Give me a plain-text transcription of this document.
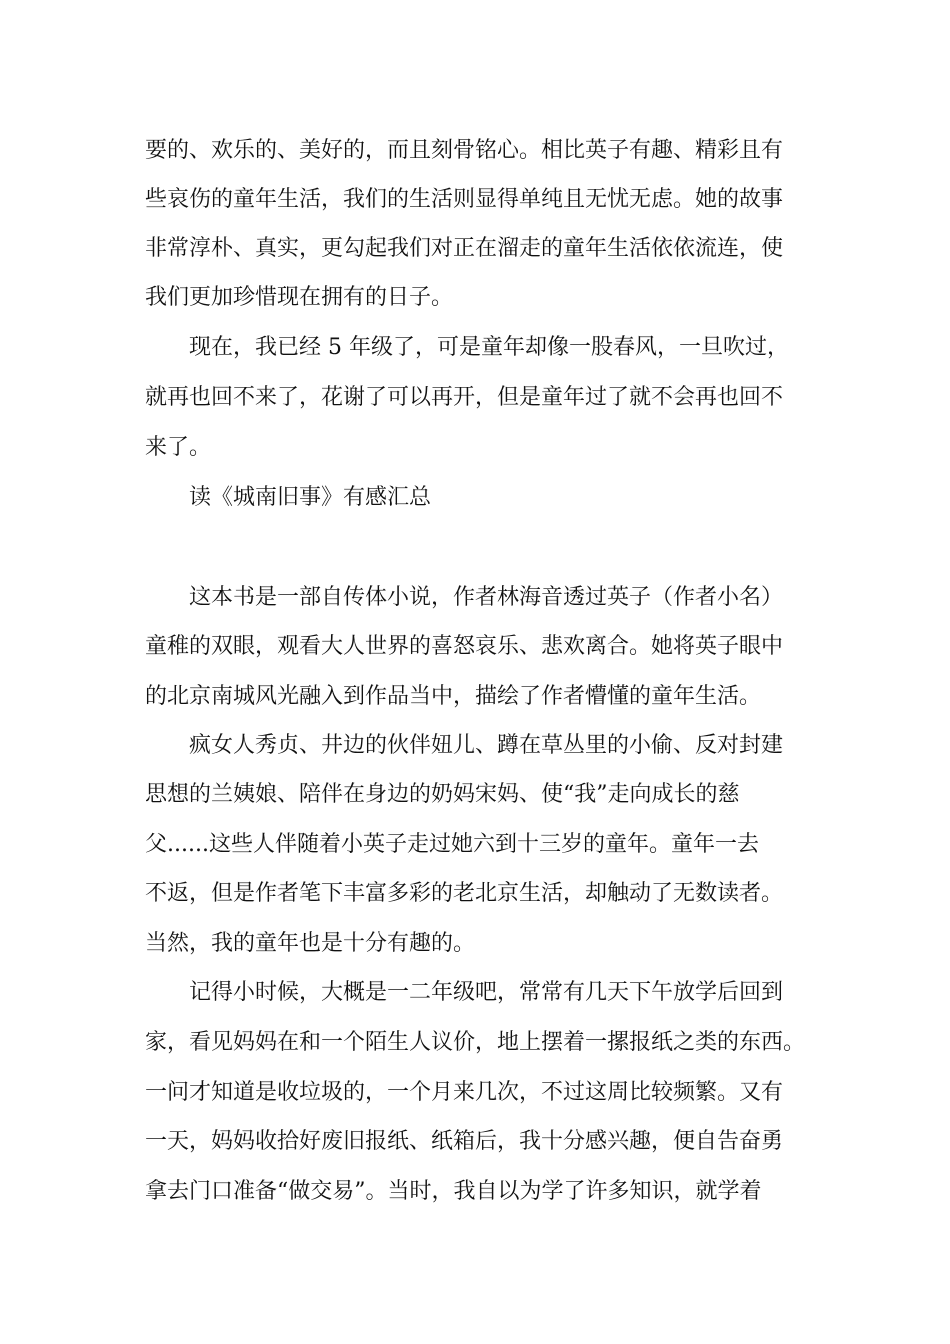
要的、欢乐的、美好的，而且刻骨铭心。相比英子有趣、精彩且有
些哀伤的童年生活，我们的生活则显得单纯且无忧无虑。她的故事
非常淳朴、真实，更勾起我们对正在溜走的童年生活依依流连，使
我们更加珍惜现在拥有的日子。
现在，我已经 5 年级了，可是童年却像一股春风，一旦吹过，
就再也回不来了，花谢了可以再开，但是童年过了就不会再也回不
来了。
读《城南旧事》有感汇总
这本书是一部自传体小说，作者林海音透过英子（作者小名）
童稚的双眼，观看大人世界的喜怒哀乐、悲欢离合。她将英子眼中
的北京南城风光融入到作品当中，描绘了作者懵懂的童年生活。
疯女人秀贞、井边的伙伴妞儿、蹲在草丛里的小偷、反对封建
思想的兰姨娘、陪伴在身边的奶妈宋妈、使“我”走向成长的慈
父......这些人伴随着小英子走过她六到十三岁的童年。童年一去
不返，但是作者笔下丰富多彩的老北京生活，却触动了无数读者。
当然，我的童年也是十分有趣的。
记得小时候，大概是一二年级吧，常常有几天下午放学后回到
家，看见妈妈在和一个陌生人议价，地上摆着一摞报纸之类的东西。
一问才知道是收垃圾的，一个月来几次，不过这周比较频繁。又有
一天，妈妈收拾好废旧报纸、纸箱后，我十分感兴趣，便自告奋勇
拿去门口准备“做交易”。当时，我自以为学了许多知识，就学着
